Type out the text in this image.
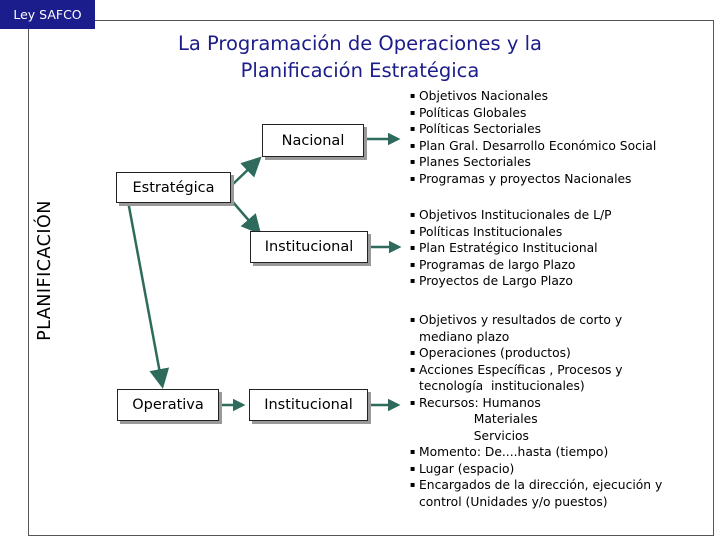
Ley SAFCO
La Programación de Operaciones y la
Planificación Estratégica
PLANIFICACIÓN
Nacional
Estratégica
Institucional
Operativa	Institucional
▪ Objetivos Nacionales
▪ Políticas Globales
▪ Políticas Sectoriales
▪ Plan Gral. Desarrollo Económico Social
▪ Planes Sectoriales
▪ Programas y proyectos Nacionales
▪ Objetivos Institucionales de L/P
▪ Políticas Institucionales
▪ Plan Estratégico Institucional
▪ Programas de largo Plazo
▪ Proyectos de Largo Plazo
▪ Objetivos y resultados de corto y
mediano plazo
▪ Operaciones (productos)
▪ Acciones Específicas , Procesos y
tecnología  institucionales)
▪ Recursos: Humanos
Materiales
Servicios
▪ Momento: De....hasta (tiempo)
▪ Lugar (espacio)
▪ Encargados de la dirección, ejecución y
control (Unidades y/o puestos)
